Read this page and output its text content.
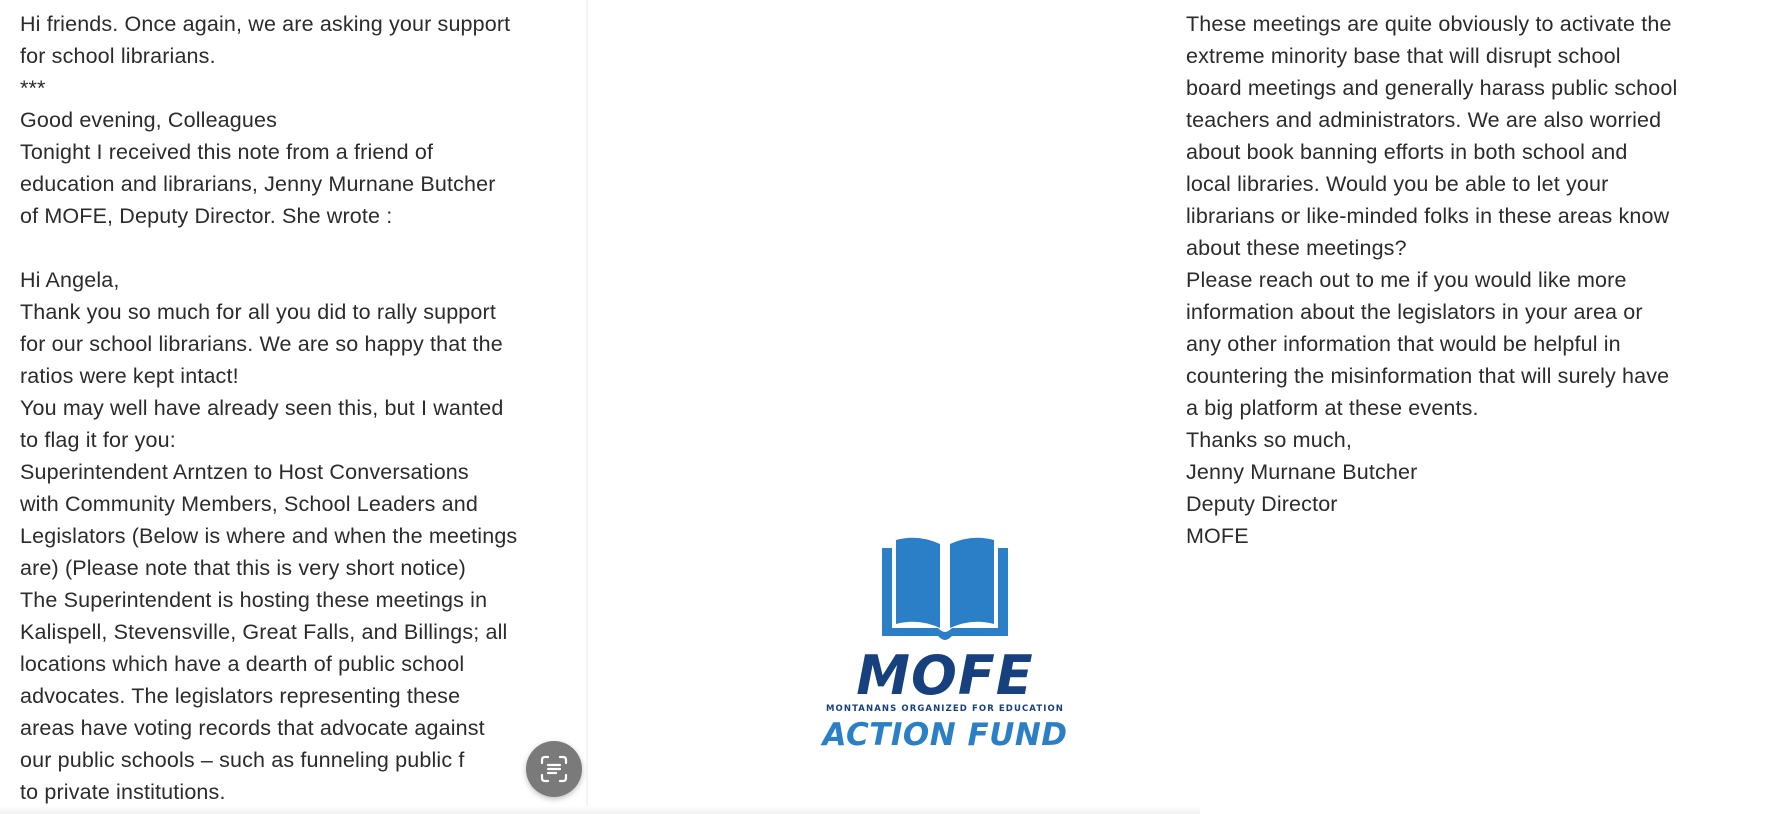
Hi friends. Once again, we are asking your support
for school librarians.
***
Good evening, Colleagues
Tonight I received this note from a friend of
education and librarians, Jenny Murnane Butcher
of MOFE, Deputy Director. She wrote :
Hi Angela,
Thank you so much for all you did to rally support
for our school librarians. We are so happy that the
ratios were kept intact!
You may well have already seen this, but I wanted
to flag it for you:
Superintendent Arntzen to Host Conversations
with Community Members, School Leaders and
Legislators (Below is where and when the meetings
are) (Please note that this is very short notice)
The Superintendent is hosting these meetings in
Kalispell, Stevensville, Great Falls, and Billings; all
locations which have a dearth of public school
advocates. The legislators representing these
areas have voting records that advocate against
our public schools – such as funneling public f
to private institutions.
These meetings are quite obviously to activate the
extreme minority base that will disrupt school
board meetings and generally harass public school
teachers and administrators. We are also worried
about book banning efforts in both school and
local libraries. Would you be able to let your
librarians or like-minded folks in these areas know
about these meetings?
Please reach out to me if you would like more
information about the legislators in your area or
any other information that would be helpful in
countering the misinformation that will surely have
a big platform at these events.
Thanks so much,
Jenny Murnane Butcher
Deputy Director
MOFE
MOFE
MONTANANS ORGANIZED FOR EDUCATION
ACTION FUND
